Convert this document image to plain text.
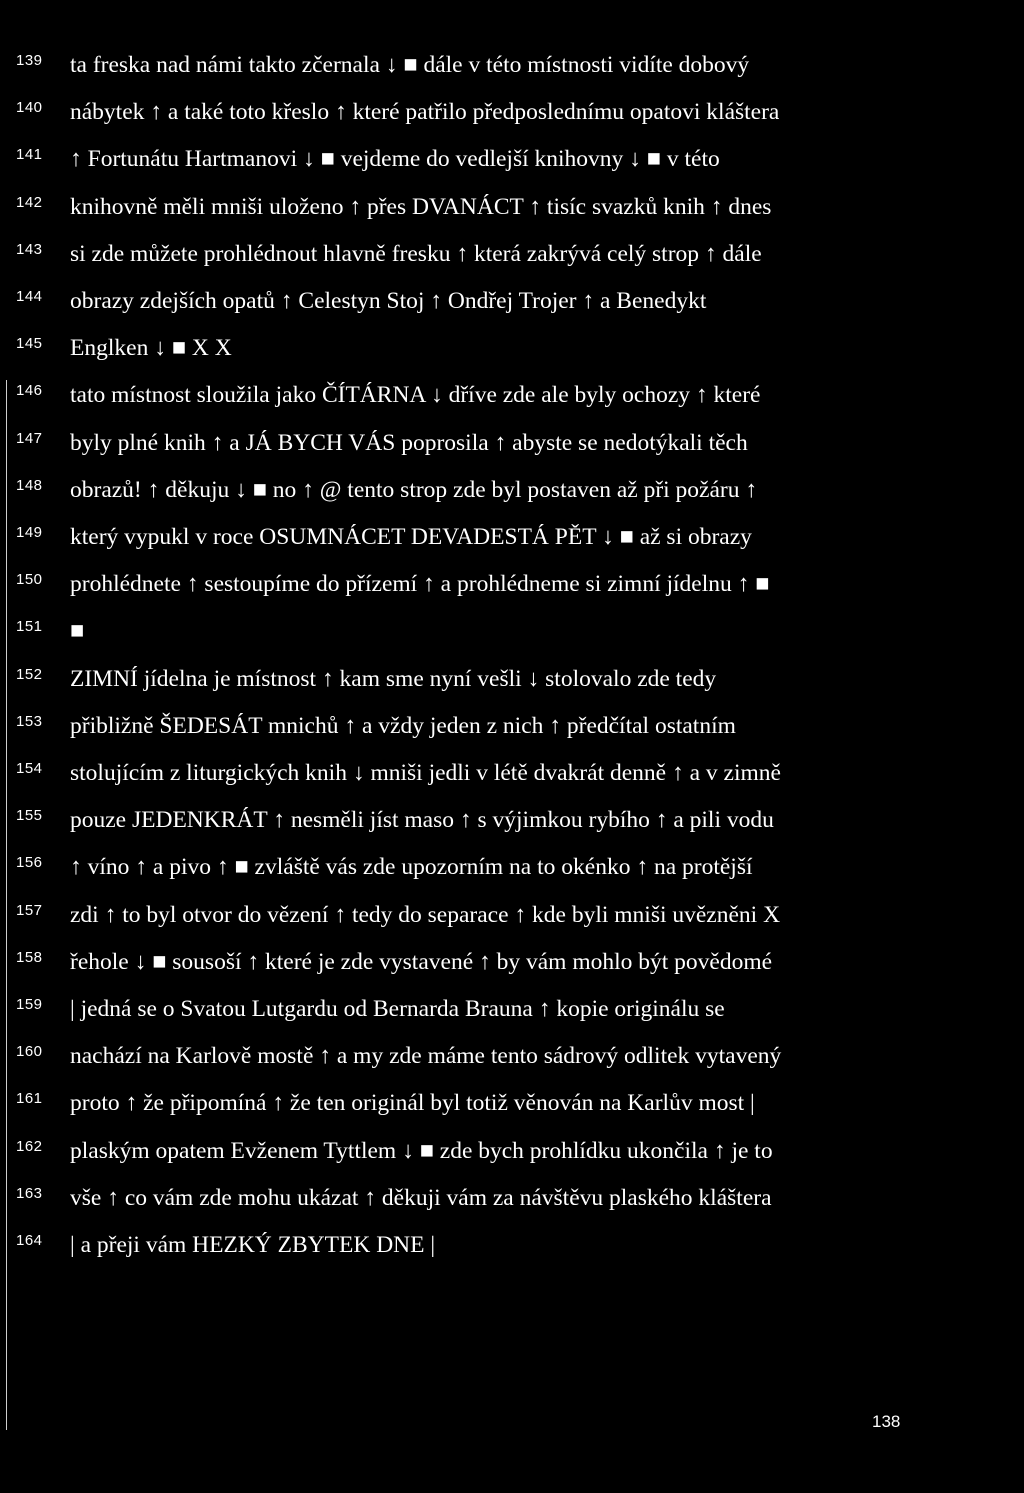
139 ta freska nad námi takto zčernala ↓ ■ dále v této místnosti vidíte dobový
140 nábytek ↑ a také toto křeslo ↑ které patřilo předposlednímu opatovi kláštera
141 ↑ Fortunátu Hartmanovi ↓ ■ vejdeme do vedlejší knihovny ↓ ■ v této
142 knihovně měli mniši uloženo ↑ přes DVANÁCT ↑ tisíc svazků knih ↑ dnes
143 si zde můžete prohlédnout hlavně fresku ↑ která zakrývá celý strop ↑ dále
144 obrazy zdejších opatů ↑ Celestyn Stoj ↑ Ondřej Trojer ↑ a Benedykt
145 Englken ↓ ■ X X
146 tato místnost sloužila jako ČÍTÁRNA ↓ dříve zde ale byly ochozy ↑ které
147 byly plné knih ↑ a JÁ BYCH VÁS poprosila ↑ abyste se nedotýkali těch
148 obrazů! ↑ děkuju ↓ ■ no ↑ @ tento strop zde byl postaven až při požáru ↑
149 který vypukl v roce OSUMNÁCET DEVADESTÁ PĚT ↓ ■ až si obrazy
150 prohlédnete ↑ sestoupíme do přízemí ↑ a prohlédneme si zimní jídelnu ↑ ■
151 ■
152 ZIMNÍ jídelna je místnost ↑ kam sme nyní vešli ↓ stolovalo zde tedy
153 přibližně ŠEDESÁT mnichů ↑ a vždy jeden z nich ↑ předčítal ostatním
154 stolujícím z liturgických knih ↓ mniši jedli v létě dvakrát denně ↑ a v zimně
155 pouze JEDENKRÁT ↑ nesměli jíst maso ↑ s výjimkou rybího ↑ a pili vodu
156 ↑ víno ↑ a pivo ↑ ■ zvláště vás zde upozorním na to okénko ↑ na protější
157 zdi ↑ to byl otvor do vězení ↑ tedy do separace ↑ kde byli mniši uvězněni X
158 řehole ↓ ■ sousoší ↑ které je zde vystavené ↑ by vám mohlo být povědomé
159 | jedná se o Svatou Lutgardu od Bernarda Brauna ↑ kopie originálu se
160 nachází na Karlově mostě ↑ a my zde máme tento sádrový odlitek vytavený
161 proto ↑ že připomíná ↑ že ten originál byl totiž věnován na Karlův most |
162 plaským opatem Evženem Tyttlem ↓ ■ zde bych prohlídku ukončila ↑ je to
163 vše ↑ co vám zde mohu ukázat ↑ děkuji vám za návštěvu plaského kláštera
164 | a přeji vám HEZKÝ ZBYTEK DNE |
138
